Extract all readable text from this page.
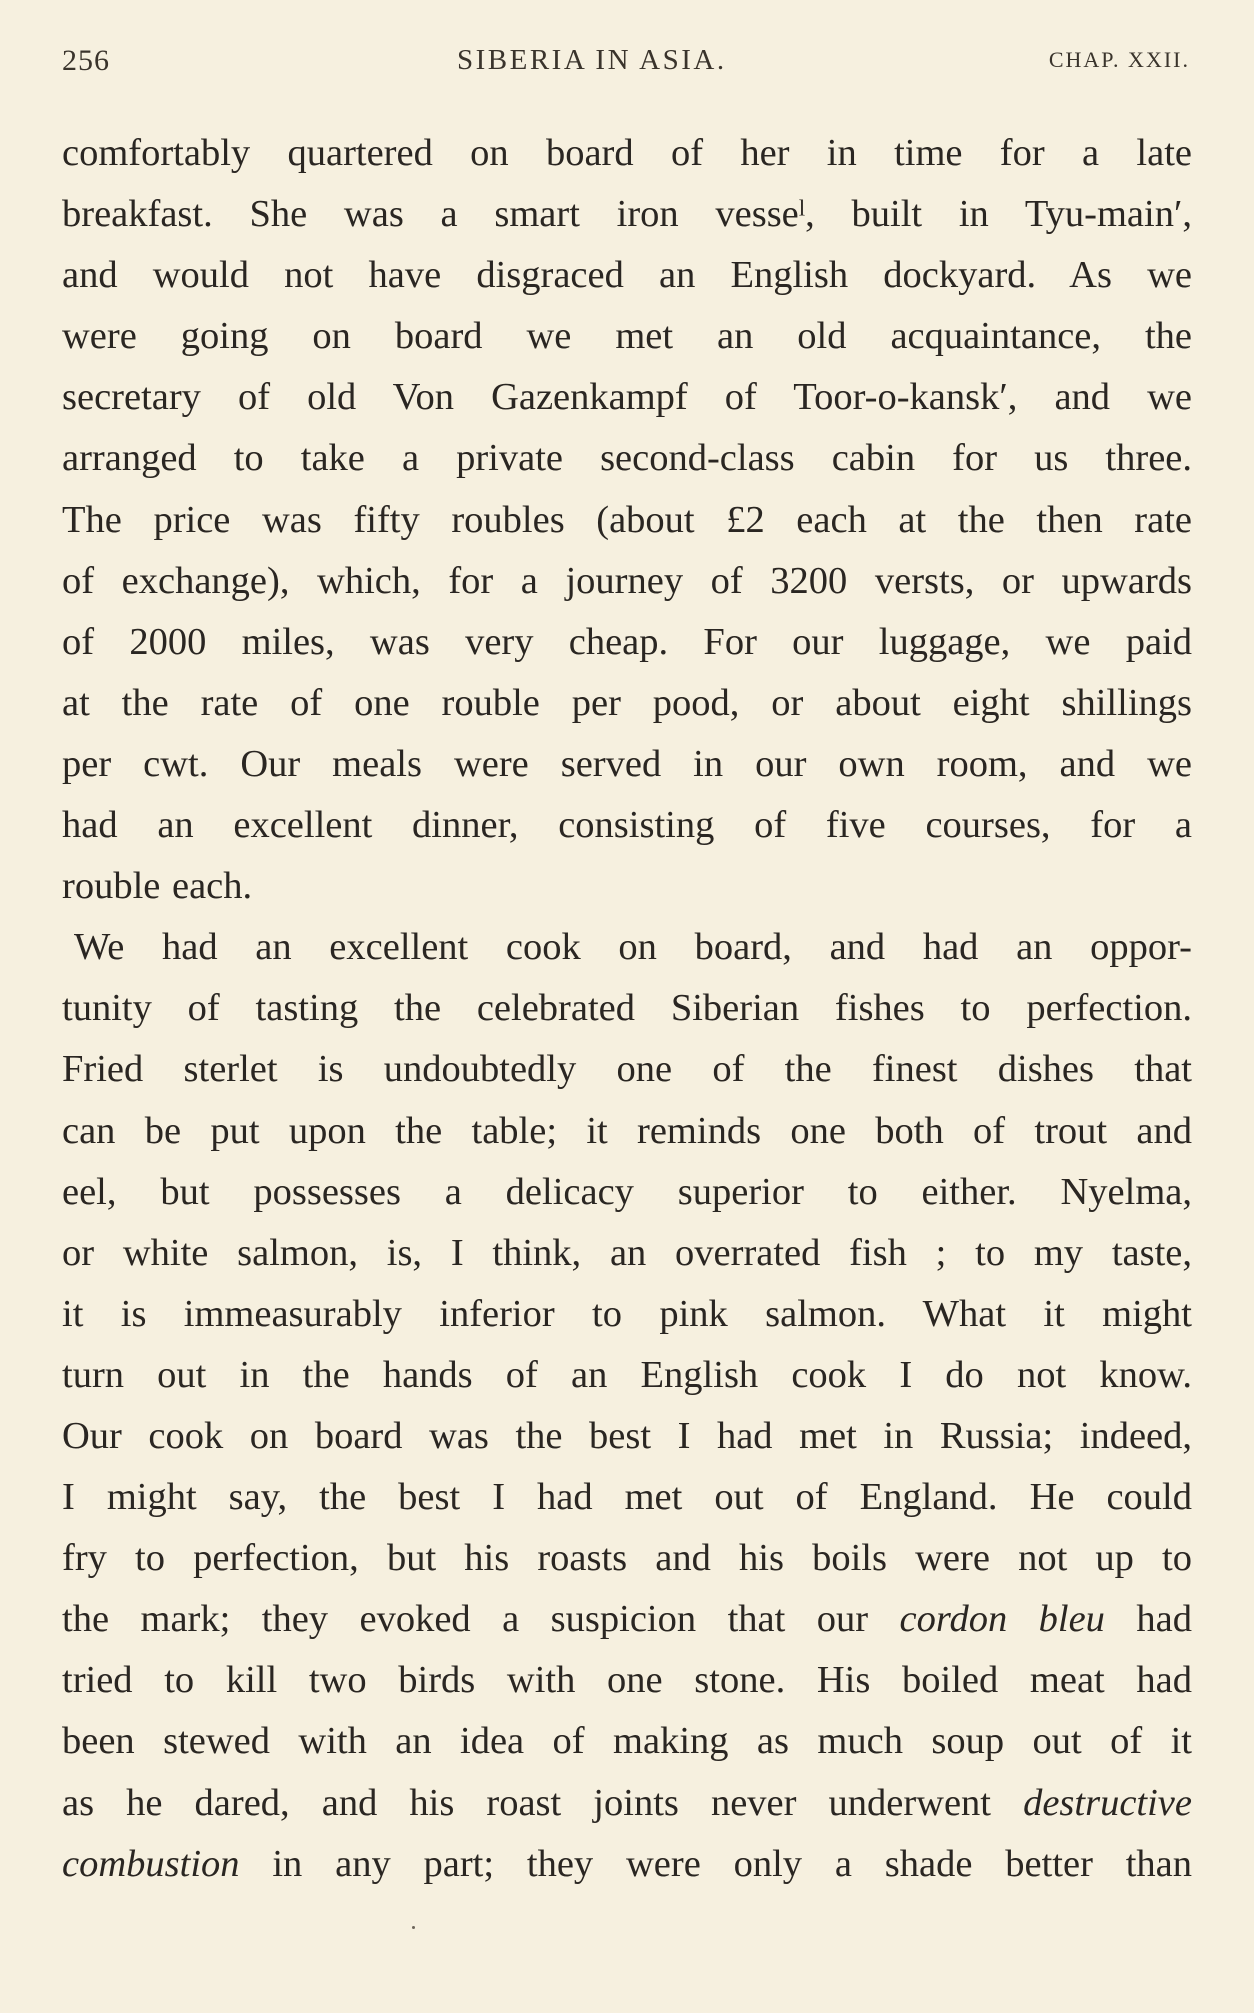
256	SIBERIA IN ASIA.	CHAP. XXII.
comfortably quartered on board of her in time for a late
breakfast. She was a smart iron vesseˡ, built in Tyu-main′,
and would not have disgraced an English dockyard. As we
were going on board we met an old acquaintance, the
secretary of old Von Gazenkampf of Toor-o-kansk′, and we
arranged to take a private second-class cabin for us three.
The price was fifty roubles (about £2 each at the then rate
of exchange), which, for a journey of 3200 versts, or upwards
of 2000 miles, was very cheap. For our luggage, we paid
at the rate of one rouble per pood, or about eight shillings
per cwt. Our meals were served in our own room, and we
had an excellent dinner, consisting of five courses, for a
rouble each.
We had an excellent cook on board, and had an oppor-
tunity of tasting the celebrated Siberian fishes to perfection.
Fried sterlet is undoubtedly one of the finest dishes that
can be put upon the table; it reminds one both of trout and
eel, but possesses a delicacy superior to either. Nyelma,
or white salmon, is, I think, an overrated fish ; to my taste,
it is immeasurably inferior to pink salmon. What it might
turn out in the hands of an English cook I do not know.
Our cook on board was the best I had met in Russia; indeed,
I might say, the best I had met out of England. He could
fry to perfection, but his roasts and his boils were not up to
the mark; they evoked a suspicion that our cordon bleu had
tried to kill two birds with one stone. His boiled meat had
been stewed with an idea of making as much soup out of it
as he dared, and his roast joints never underwent destructive
combustion in any part; they were only a shade better than
